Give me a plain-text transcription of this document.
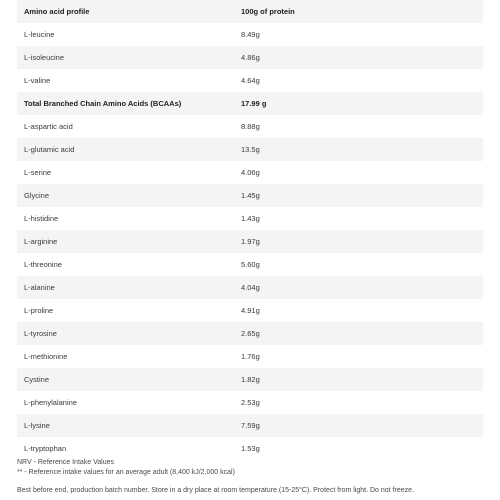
Amino acid profile	100g of protein
L-leucine	8.49g
L-isoleucine	4.86g
L-valine	4.64g
Total Branched Chain Amino Acids (BCAAs)	17.99 g
L-aspartic acid	8.88g
L-glutamic acid	13.5g
L-serine	4.06g
Glycine	1.45g
L-histidine	1.43g
L-arginine	1.97g
L-threonine	5.60g
L-alanine	4.04g
L-proline	4.91g
L-tyrosine	2.65g
L-methionine	1.76g
Cystine	1.82g
L-phenylalanine	2.53g
L-lysine	7.59g
L-tryptophan	1.53g
NRV - Reference Intake Values
** - Reference intake values for an average adult (8,400 kJ/2,000 kcal)
Best before end, production batch number. Store in a dry place at room temperature (15-25°C). Protect from light. Do not freeze.
